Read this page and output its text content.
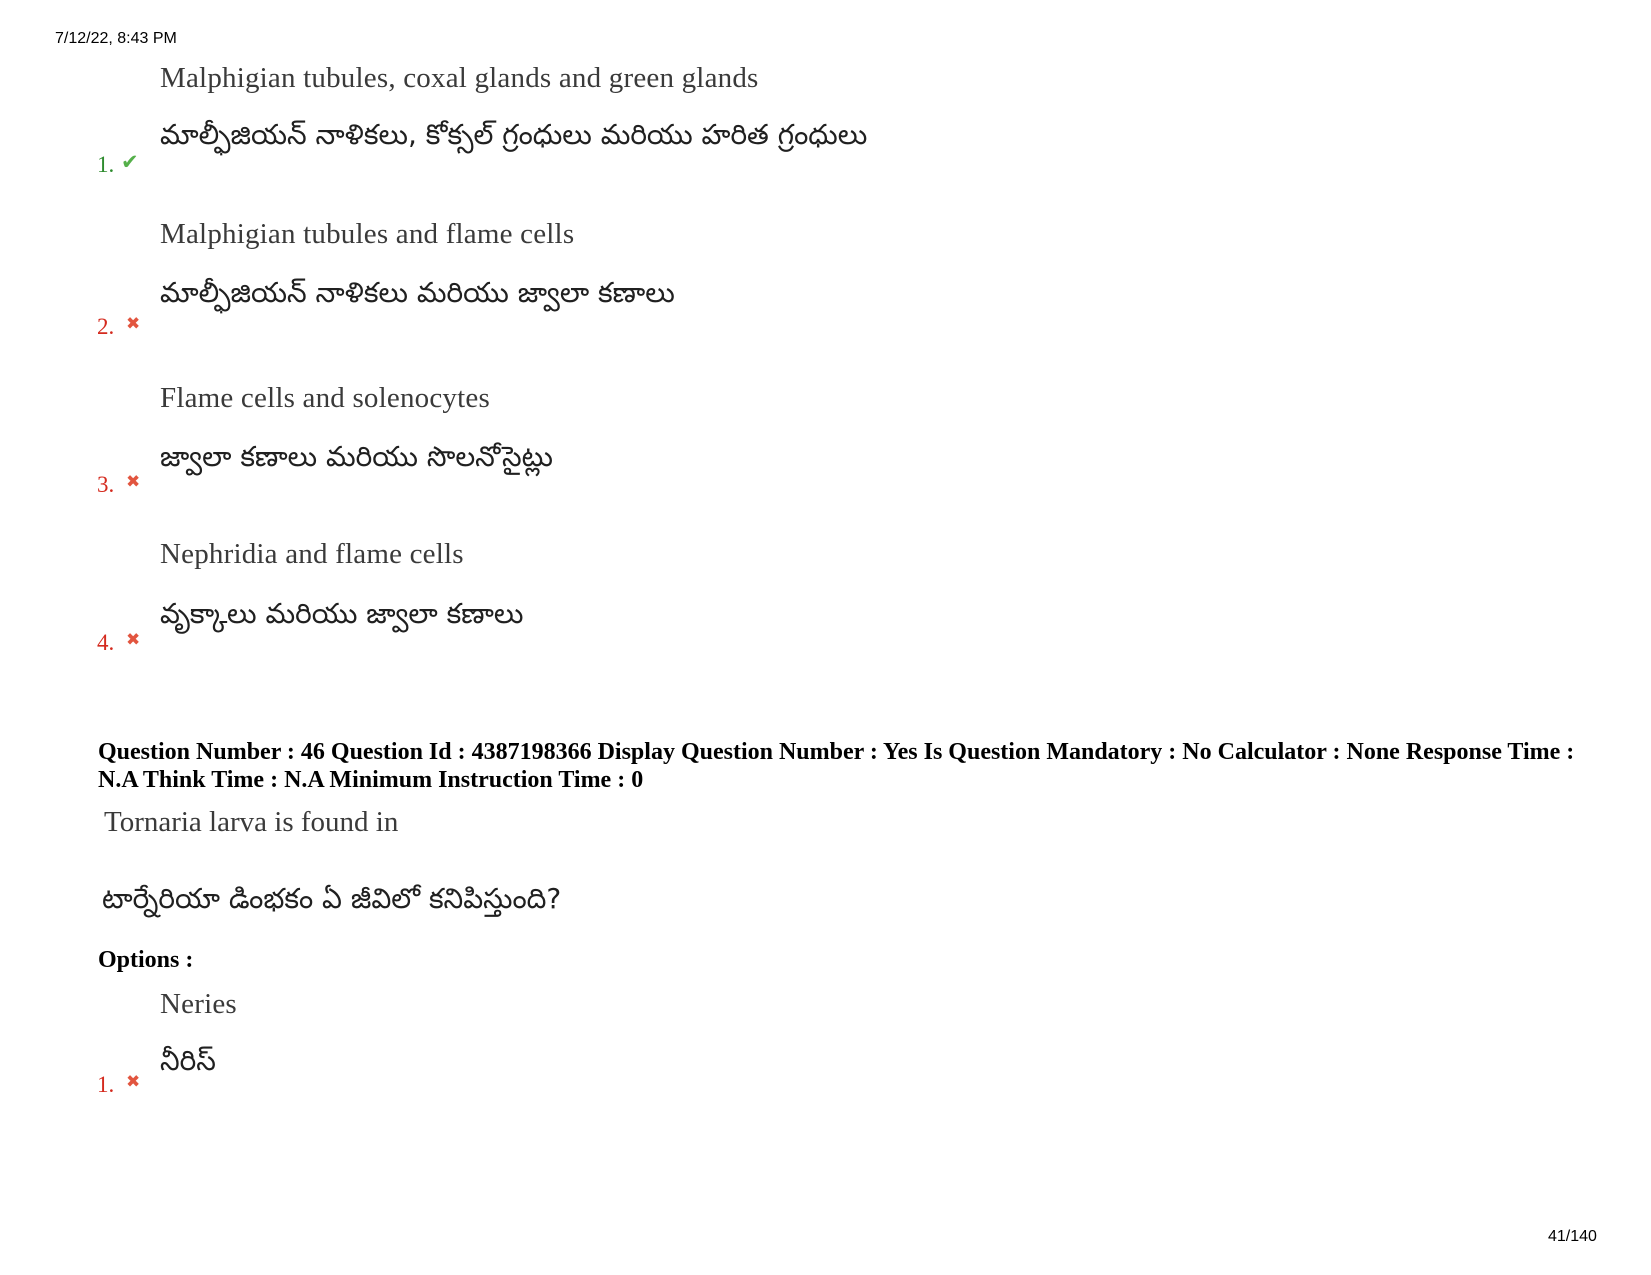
7/12/22, 8:43 PM
Malphigian tubules, coxal glands and green glands
మాల్ఫీజియన్ నాళికలు, కోక్సల్ గ్రంధులు మరియు హరిత గ్రంధులు
1. ✔
Malphigian tubules and flame cells
మాల్ఫీజియన్ నాళికలు మరియు జ్వాలా కణాలు
2. ✖
Flame cells and solenocytes
జ్వాలా కణాలు మరియు సొలనోసైట్లు
3. ✖
Nephridia and flame cells
వృక్కాలు మరియు జ్వాలా కణాలు
4. ✖
Question Number : 46 Question Id : 4387198366 Display Question Number : Yes Is Question Mandatory : No Calculator : None Response Time : N.A Think Time : N.A Minimum Instruction Time : 0
Tornaria larva is found in
టార్నేరియా డింభకం ఏ జీవిలో కనిపిస్తుంది?
Options :
Neries
నీరిస్
1. ✖
41/140
